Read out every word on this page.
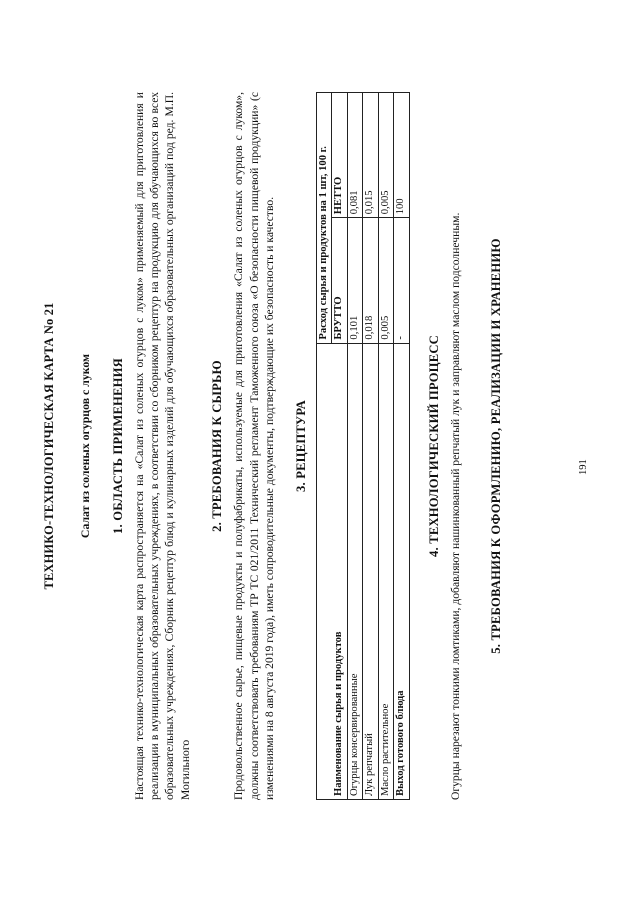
ТЕХНИКО-ТЕХНОЛОГИЧЕСКАЯ КАРТА No 21 Салат из соленых огурцов с луком 1. ОБЛАСТЬ ПРИМЕНЕНИЯ Настоящая технико-технологическая карта распространяется на «Салат из соленых огурцов с луком» применяемый для приготовления и реализации в муниципальных образовательных учреждениях, в соответствии со сборником рецептур на продукцию для обучающихся во всех образовательных учреждениях, Сборник рецептур блюд и кулинарных изделий для обучающихся образовательных организаций под ред. М.П. Могильного

2. ТРЕБОВАНИЯ К СЫРЬЮ Продовольственное сырье, пищевые продукты и полуфабрикаты, используемые для приготовления «Салат из соленых огурцов с луком», должны соответствовать требованиям ТР ТС 021/2011 Технический регламент Таможенного союза «О безопасности пищевой продукции» (с изменениями на 8 августа 2019 года), иметь сопроводительные документы, подтверждающие их безопасность и качество. 3. РЕЦЕПТУРА
Наименование сырья и продуктов	Расход сырья и продуктов на 1 шт, 100 г.	
	БРУТТО	НЕТТО
Огурцы консервированные	0,101	0,081
Лук репчатый	0,018	0,015
Масло растительное	0,005	0,005
Выход готового блюда	-	100
4. ТЕХНОЛОГИЧЕСКИЙ ПРОЦЕСС Огурцы нарезают тонкими ломтиками, добавляют нашинкованный репчатый лук и заправляют маслом подсолнечным. 5. ТРЕБОВАНИЯ К ОФОРМЛЕНИЮ, РЕАЛИЗАЦИИ И ХРАНЕНИЮ	191
